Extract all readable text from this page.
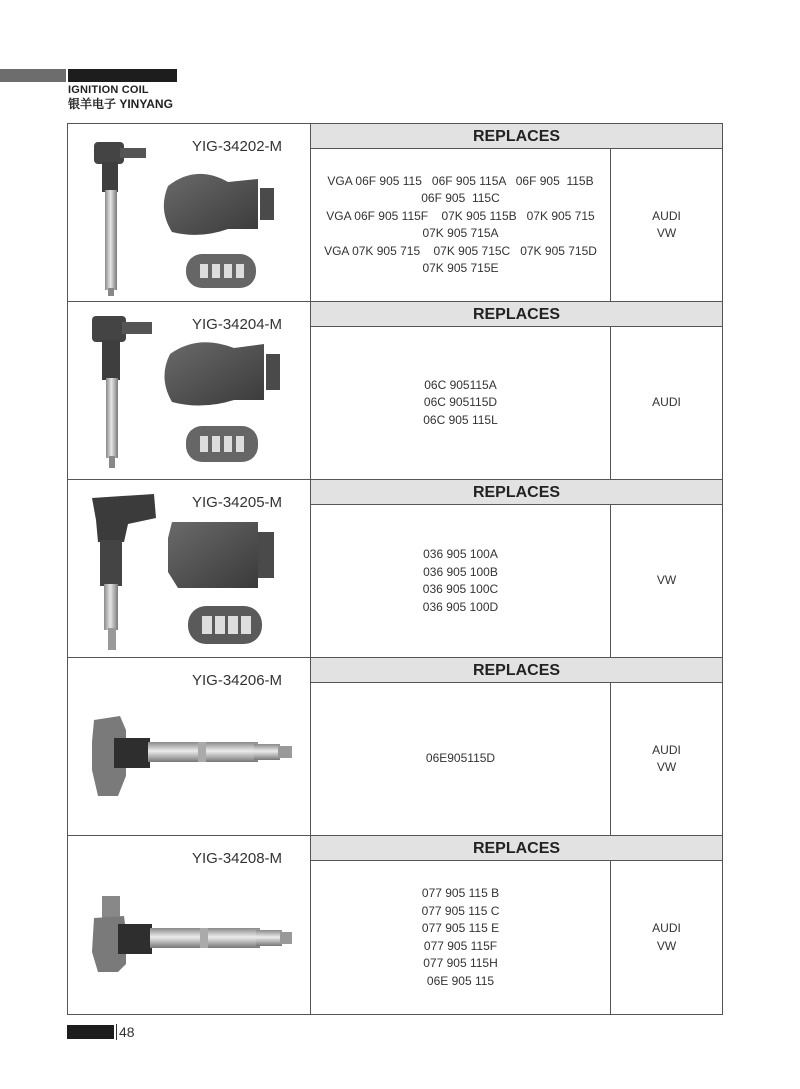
IGNITION COIL
银羊电子 YINYANG
YIG-34202-M
REPLACES
VGA 06F 905 115   06F 905 115A   06F 905  115B
06F 905  115C
VGA 06F 905 115F    07K 905 115B   07K 905 715
07K 905 715A
VGA 07K 905 715    07K 905 715C   07K 905 715D
07K 905 715E
AUDI
VW
YIG-34204-M
REPLACES
06C 905115A
06C 905115D
06C 905 115L
AUDI
YIG-34205-M
REPLACES
036 905 100A
036 905 100B
036 905 100C
036 905 100D
VW
YIG-34206-M
REPLACES
06E905115D
AUDI
VW
YIG-34208-M
REPLACES
077 905 115 B
077 905 115 C
077 905 115 E
077 905 115F
077 905 115H
06E 905 115
AUDI
VW
48
